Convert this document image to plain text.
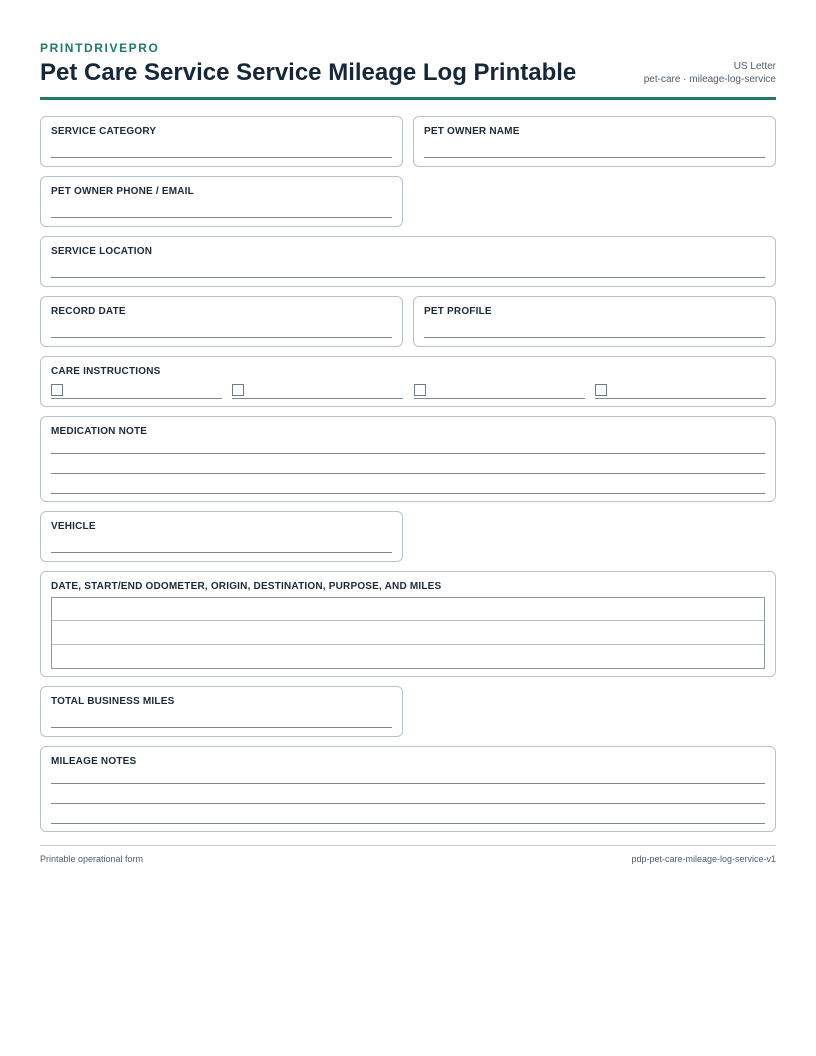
PRINTDRIVEPRO
Pet Care Service Service Mileage Log Printable	US Letter
pet-care · mileage-log-service
SERVICE CATEGORY	PET OWNER NAME
PET OWNER PHONE / EMAIL
SERVICE LOCATION
RECORD DATE	PET PROFILE
CARE INSTRUCTIONS
MEDICATION NOTE
VEHICLE
DATE, START/END ODOMETER, ORIGIN, DESTINATION, PURPOSE, AND MILES
TOTAL BUSINESS MILES
MILEAGE NOTES
Printable operational form	pdp-pet-care-mileage-log-service-v1
